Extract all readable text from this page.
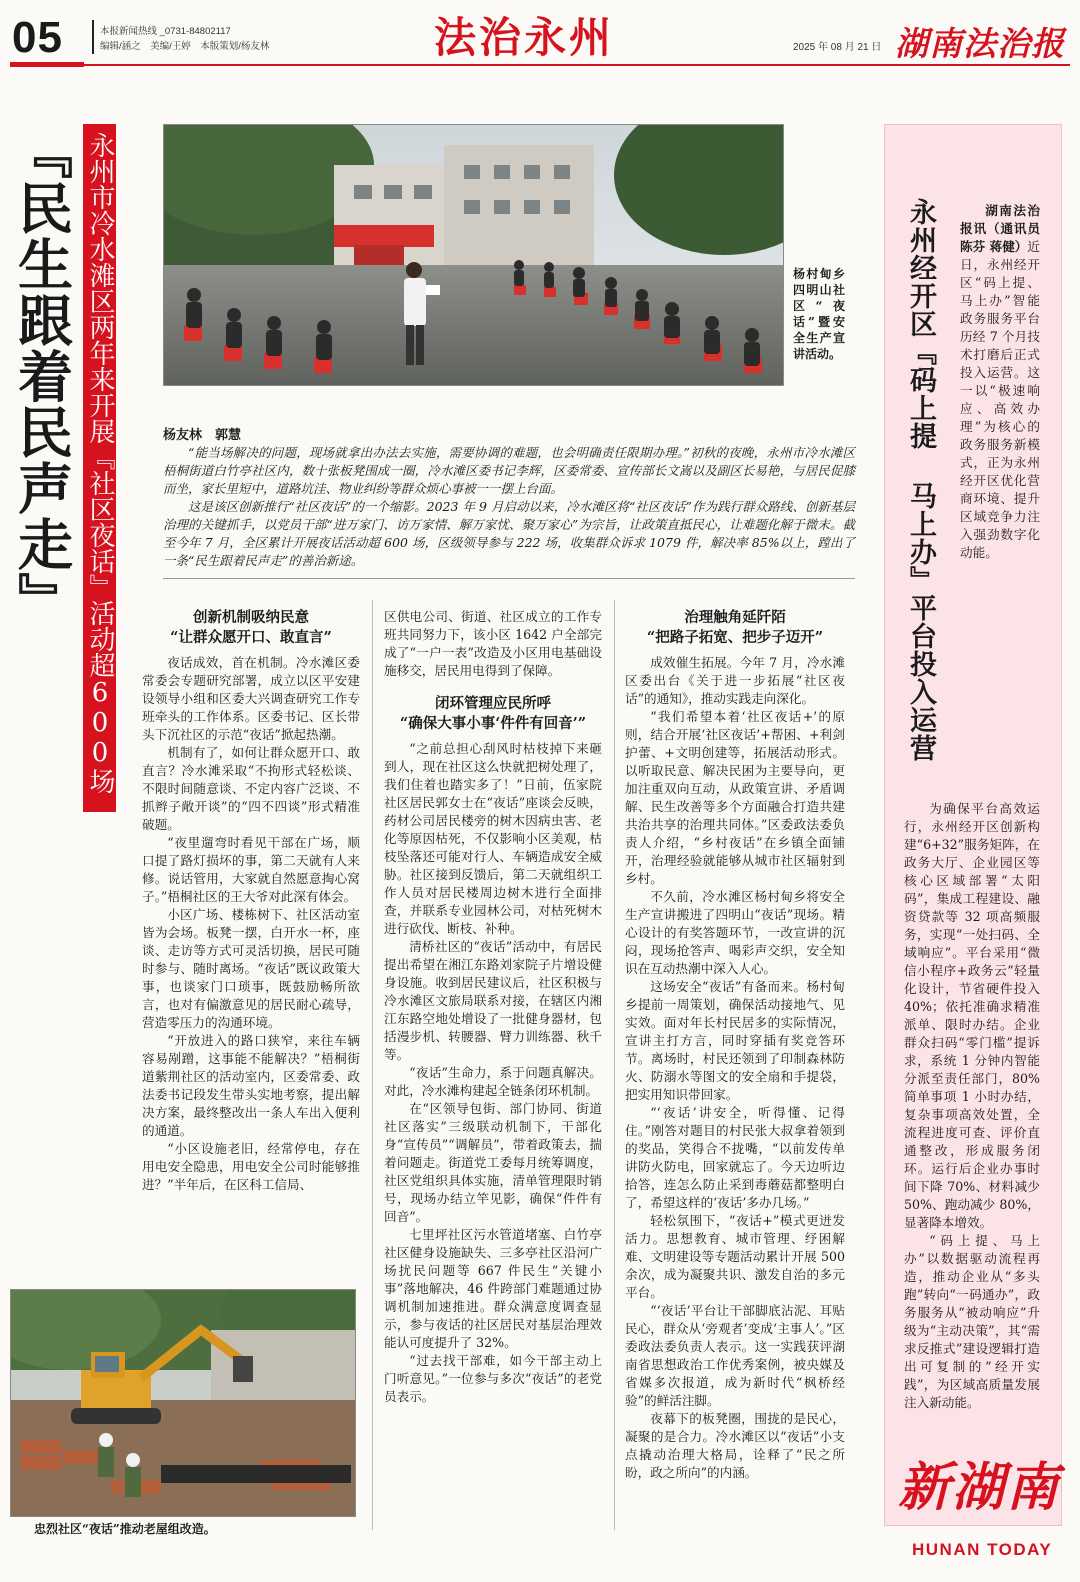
05	本报新闻热线 _0731-84802117
编辑/涵之　美编/王婷　本版策划/杨友林	法治永州	2025 年 08 月 21 日 湖南法治报
『民生跟着民声走』 永州市冷水滩区两年来开展『社区夜话』活动超600场	杨村甸乡四明山社区“夜话”暨安全生产宣讲活动。
杨友林　郭慧

“能当场解决的问题，现场就拿出办法去实施，需要协调的难题，也会明确责任限期办理。”初秋的夜晚，永州市冷水滩区梧桐街道白竹亭社区内，数十张板凳围成一圈，冷水滩区委书记李辉，区委常委、宣传部长文嵩以及副区长易艳，与居民促膝而坐，家长里短中，道路坑洼、物业纠纷等群众烦心事被一一摆上台面。

这是该区创新推行“社区夜话”的一个缩影。2023 年 9 月启动以来，冷水滩区将“社区夜话”作为践行群众路线、创新基层治理的关键抓手，以党员干部“进万家门、访万家情、解万家忧、聚万家心”为宗旨，让政策直抵民心，让难题化解于微末。截至今年 7 月，全区累计开展夜话活动超 600 场，区级领导参与 222 场，收集群众诉求 1079 件，解决率 85%以上，蹚出了一条“民生跟着民声走”的善治新途。

创新机制吸纳民意
“让群众愿开口、敢直言”

夜话成效，首在机制。冷水滩区委常委会专题研究部署，成立以区平安建设领导小组和区委大兴调查研究工作专班牵头的工作体系。区委书记、区长带头下沉社区的示范“夜话”掀起热潮。

机制有了，如何让群众愿开口、敢直言？冷水滩采取“不拘形式轻松谈、不限时间随意谈、不定内容广泛谈、不抓辫子敞开谈”的“四不四谈”形式精准破题。

“夜里遛弯时看见干部在广场，顺口提了路灯损坏的事，第二天就有人来修。说话管用，大家就自然愿意掏心窝子。”梧桐社区的王大爷对此深有体会。

小区广场、楼栋树下、社区活动室皆为会场。板凳一摆，白开水一杯，座谈、走访等方式可灵活切换，居民可随时参与、随时离场。“夜话”既议政策大事，也谈家门口琐事，既鼓励畅所欲言，也对有偏激意见的居民耐心疏导，营造零压力的沟通环境。

“开放进入的路口狭窄，来往车辆容易剐蹭，这事能不能解决？”梧桐街道紫荆社区的活动室内，区委常委、政法委书记段发生带头实地考察，提出解决方案，最终整改出一条人车出入便利的通道。

“小区设施老旧，经常停电，存在用电安全隐患，用电安全公司时能够推进？”半年后，在区科工信局、

区供电公司、街道、社区成立的工作专班共同努力下，该小区 1642 户全部完成了“一户一表”改造及小区用电基础设施移交，居民用电得到了保障。

闭环管理应民所呼
“确保大事小事‘件件有回音’”

“之前总担心刮风时枯枝掉下来砸到人，现在社区这么快就把树处理了，我们住着也踏实多了！”日前，伍家院社区居民郭女士在“夜话”座谈会反映，药材公司居民楼旁的树木因病虫害、老化等原因枯死，不仅影响小区美观，枯枝坠落还可能对行人、车辆造成安全威胁。社区接到反馈后，第二天就组织工作人员对居民楼周边树木进行全面排查，并联系专业园林公司，对枯死树木进行砍伐、断枝、补种。

清桥社区的“夜话”活动中，有居民提出希望在湘江东路刘家院子片增设健身设施。收到居民建议后，社区积极与冷水滩区文旅局联系对接，在辖区内湘江东路空地处增设了一批健身器材，包括漫步机、转腰器、臂力训练器、秋千等。

“夜话”生命力，系于问题真解决。对此，冷水滩构建起全链条闭环机制。

在“区领导包街、部门协同、街道社区落实”三级联动机制下，干部化身“宣传员”“调解员”，带着政策去，揣着问题走。街道党工委每月统筹调度，社区党组织具体实施，清单管理限时销号，现场办结立竿见影，确保“件件有回音”。

七里坪社区污水管道堵塞、白竹亭社区健身设施缺失、三多亭社区沿河广场扰民问题等 667 件民生“关键小事”落地解决，46 件跨部门难题通过协调机制加速推进。群众满意度调查显示，参与夜话的社区居民对基层治理效能认可度提升了 32%。

“过去找干部难，如今干部主动上门听意见。”一位参与多次“夜话”的老党员表示。

治理触角延阡陌
“把路子拓宽、把步子迈开”

成效催生拓展。今年 7 月，冷水滩区委出台《关于进一步拓展“社区夜话”的通知》，推动实践走向深化。

“我们希望本着‘社区夜话+’的原则，结合开展‘社区夜话’+帮困、+利剑护蕾、+文明创建等，拓展活动形式。以听取民意、解决民困为主要导向，更加注重双向互动，从政策宣讲、矛盾调解、民生改善等多个方面融合打造共建共治共享的治理共同体。”区委政法委负责人介绍，“乡村夜话”在乡镇全面铺开，治理经验就能够从城市社区辐射到乡村。

不久前，冷水滩区杨村甸乡将安全生产宣讲搬进了四明山“夜话”现场。精心设计的有奖答题环节，一改宣讲的沉闷，现场抢答声、喝彩声交织，安全知识在互动热潮中深入人心。

这场安全“夜话”有备而来。杨村甸乡提前一周策划，确保活动接地气、见实效。面对年长村民居多的实际情况，宣讲主打方言，同时穿插有奖竞答环节。离场时，村民还领到了印制森林防火、防溺水等图文的安全扇和手提袋，把实用知识带回家。

“‘夜话’讲安全，听得懂、记得住。”刚答对题目的村民张大叔拿着领到的奖品，笑得合不拢嘴，“以前发传单讲防火防电，回家就忘了。今天边听边拾答，连怎么防止采到毒蘑菇都整明白了，希望这样的‘夜话’多办几场。”

轻松氛围下，“夜话+”模式更迸发活力。思想教育、城市管理、纾困解难、文明建设等专题活动累计开展 500 余次，成为凝聚共识、激发自治的多元平台。

“‘夜话’平台让干部脚底沾泥、耳贴民心，群众从‘旁观者’变成‘主事人’。”区委政法委负责人表示。这一实践获评湖南省思想政治工作优秀案例，被央媒及省媒多次报道，成为新时代“枫桥经验”的鲜活注脚。

夜幕下的板凳圈，围拢的是民心，凝聚的是合力。冷水滩区以“夜话”小支点撬动治理大格局，诠释了“民之所盼，政之所向”的内涵。

忠烈社区“夜话”推动老屋组改造。
永州经开区『码上提 马上办』平台投入运营	湖南法治报讯（通讯员 陈芬 蒋健）近日，永州经开区“码上提、马上办”智能政务服务平台历经 7 个月技术打磨后正式投入运营。这一以“极速响应、高效办理”为核心的政务服务新模式，正为永州经开区优化营商环境、提升区域竞争力注入强劲数字化动能。

为确保平台高效运行，永州经开区创新构建“6+32”服务矩阵，在政务大厅、企业园区等核心区域部署“太阳码”，集成工程建设、融资贷款等 32 项高频服务，实现“一处扫码、全域响应”。平台采用“微信小程序+政务云”轻量化设计，节省硬件投入 40%；依托准确求精准派单、限时办结。企业群众扫码“零门槛”提诉求，系统 1 分钟内智能分派至责任部门，80%简单事项 1 小时办结，复杂事项高效处置，全流程进度可查、评价直通整改，形成服务闭环。运行后企业办事时间下降 70%、材料减少 50%、跑动减少 80%，显著降本增效。

“码上提、马上办”以数据驱动流程再造，推动企业从“多头跑”转向“一码通办”，政务服务从“被动响应”升级为“主动决策”，其“需求反推式”建设逻辑打造出可复制的“经开实践”，为区域高质量发展注入新动能。

新湖南
HUNAN TODAY
